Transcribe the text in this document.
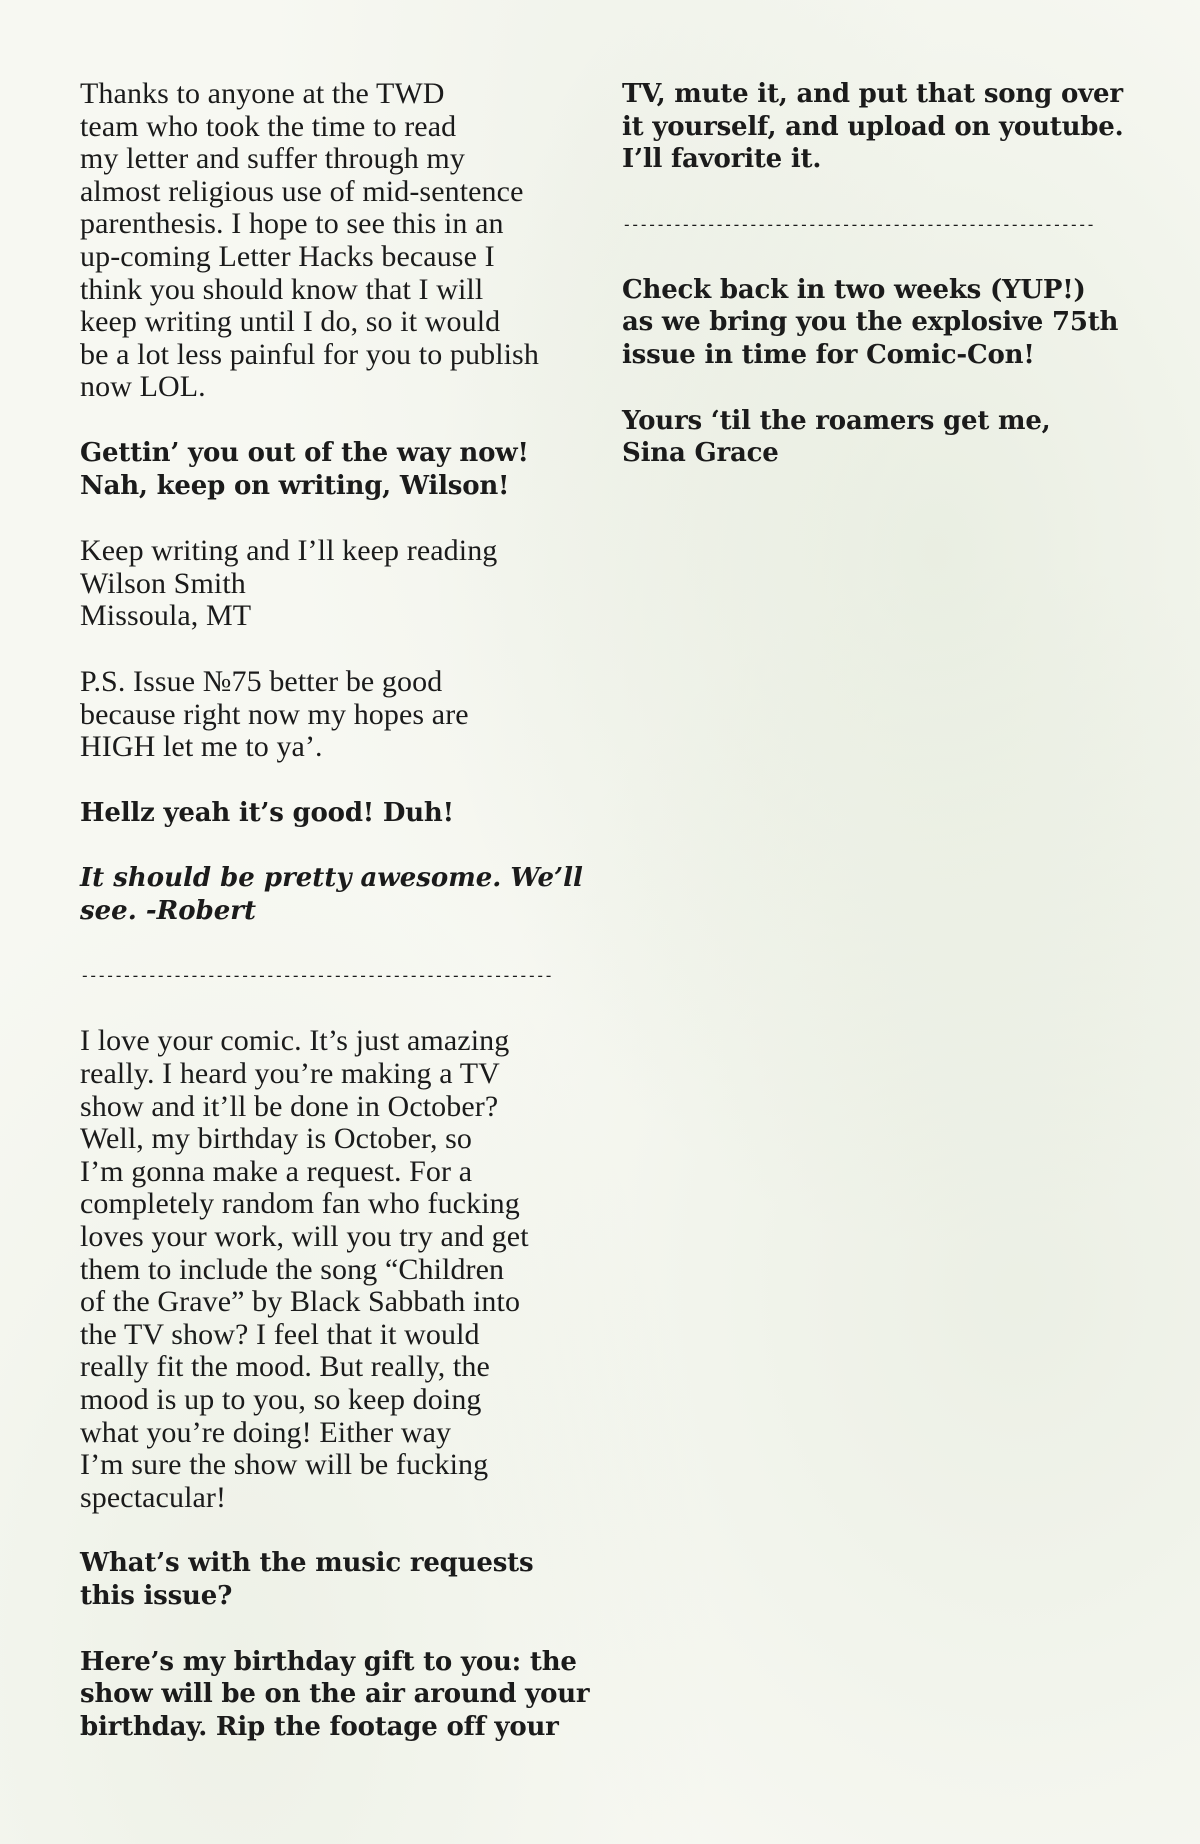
Thanks to anyone at the TWD
team who took the time to read
my letter and suffer through my
almost religious use of mid-sentence
parenthesis. I hope to see this in an
up-coming Letter Hacks because I
think you should know that I will
keep writing until I do, so it would
be a lot less painful for you to publish
now LOL.

Gettin’ you out of the way now!
Nah, keep on writing, Wilson!

Keep writing and I’ll keep reading
Wilson Smith
Missoula, MT

P.S. Issue №75 better be good
because right now my hopes are
HIGH let me to ya’.

Hellz yeah it’s good! Duh!

It should be pretty awesome. We’ll
see. -Robert

--------------------------------------------------------

I love your comic. It’s just amazing
really. I heard you’re making a TV
show and it’ll be done in October?
Well, my birthday is October, so
I’m gonna make a request. For a
completely random fan who fucking
loves your work, will you try and get
them to include the song “Children
of the Grave” by Black Sabbath into
the TV show? I feel that it would
really fit the mood. But really, the
mood is up to you, so keep doing
what you’re doing! Either way
I’m sure the show will be fucking
spectacular!

What’s with the music requests
this issue?

Here’s my birthday gift to you: the
show will be on the air around your
birthday. Rip the footage off your

TV, mute it, and put that song over
it yourself, and upload on youtube.
I’ll favorite it.

--------------------------------------------------------

Check back in two weeks (YUP!)
as we bring you the explosive 75th
issue in time for Comic-Con!

Yours ‘til the roamers get me,
Sina Grace
